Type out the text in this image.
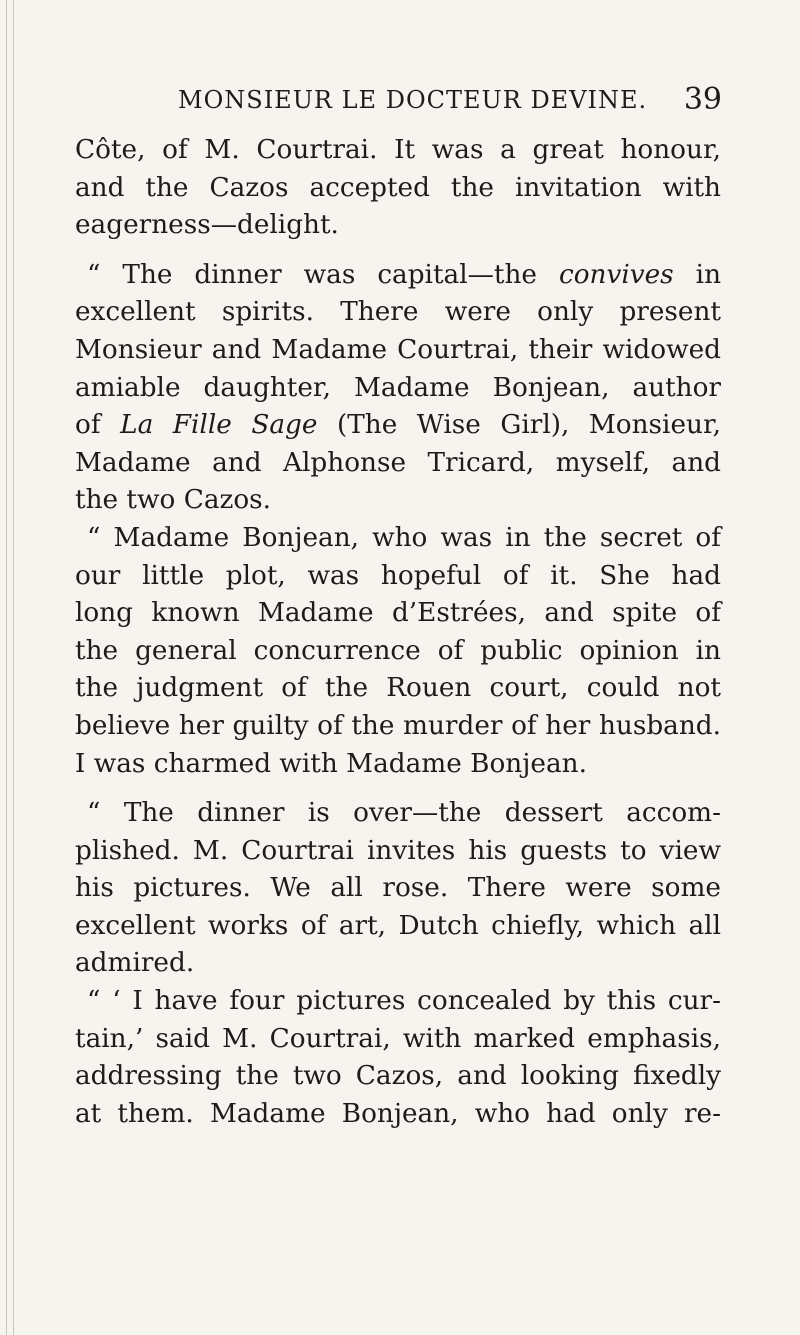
MONSIEUR LE DOCTEUR DEVINE. 39
Côte, of M. Courtrai. It was a great honour,
and the Cazos accepted the invitation with
eagerness—delight.
“ The dinner was capital—the convives in
excellent spirits. There were only present
Monsieur and Madame Courtrai, their widowed
amiable daughter, Madame Bonjean, author
of La Fille Sage (The Wise Girl), Monsieur,
Madame and Alphonse Tricard, myself, and
the two Cazos.
“ Madame Bonjean, who was in the secret of
our little plot, was hopeful of it. She had
long known Madame d’Estrées, and spite of
the general concurrence of public opinion in
the judgment of the Rouen court, could not
believe her guilty of the murder of her husband.
I was charmed with Madame Bonjean.
“ The dinner is over—the dessert accom-
plished. M. Courtrai invites his guests to view
his pictures. We all rose. There were some
excellent works of art, Dutch chiefly, which all
admired.
“ ‘ I have four pictures concealed by this cur-
tain,’ said M. Courtrai, with marked emphasis,
addressing the two Cazos, and looking fixedly
at them. Madame Bonjean, who had only re-
